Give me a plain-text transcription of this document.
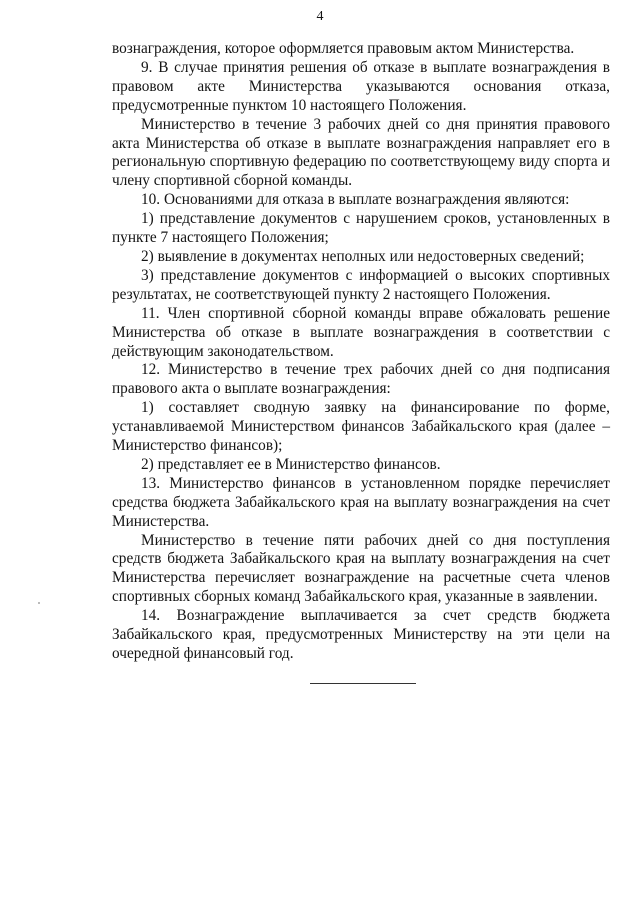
4

вознаграждения, которое оформляется правовым актом Министерства.

9. В случае принятия решения об отказе в выплате вознаграждения в правовом акте Министерства указываются основания отказа, предусмотренные пунктом 10 настоящего Положения.

Министерство в течение 3 рабочих дней со дня принятия правового акта Министерства об отказе в выплате вознаграждения направляет его в региональную спортивную федерацию по соответствующему виду спорта и члену спортивной сборной команды.

10. Основаниями для отказа в выплате вознаграждения являются:

1) представление документов с нарушением сроков, установленных в пункте 7 настоящего Положения;

2) выявление в документах неполных или недостоверных сведений;

3) представление документов с информацией о высоких спортивных результатах, не соответствующей пункту 2 настоящего Положения.

11. Член спортивной сборной команды вправе обжаловать решение Министерства об отказе в выплате вознаграждения в соответствии с действующим законодательством.

12. Министерство в течение трех рабочих дней со дня подписания правового акта о выплате вознаграждения:

1) составляет сводную заявку на финансирование по форме, устанавливаемой Министерством финансов Забайкальского края (далее – Министерство финансов);

2) представляет ее в Министерство финансов.

13. Министерство финансов в установленном порядке перечисляет средства бюджета Забайкальского края на выплату вознаграждения на счет Министерства.

Министерство в течение пяти рабочих дней со дня поступления средств бюджета Забайкальского края на выплату вознаграждения на счет Министерства перечисляет вознаграждение на расчетные счета членов спортивных сборных команд Забайкальского края, указанные в заявлении.

14. Вознаграждение выплачивается за счет средств бюджета Забайкальского края, предусмотренных Министерству на эти цели на очередной финансовый год.
